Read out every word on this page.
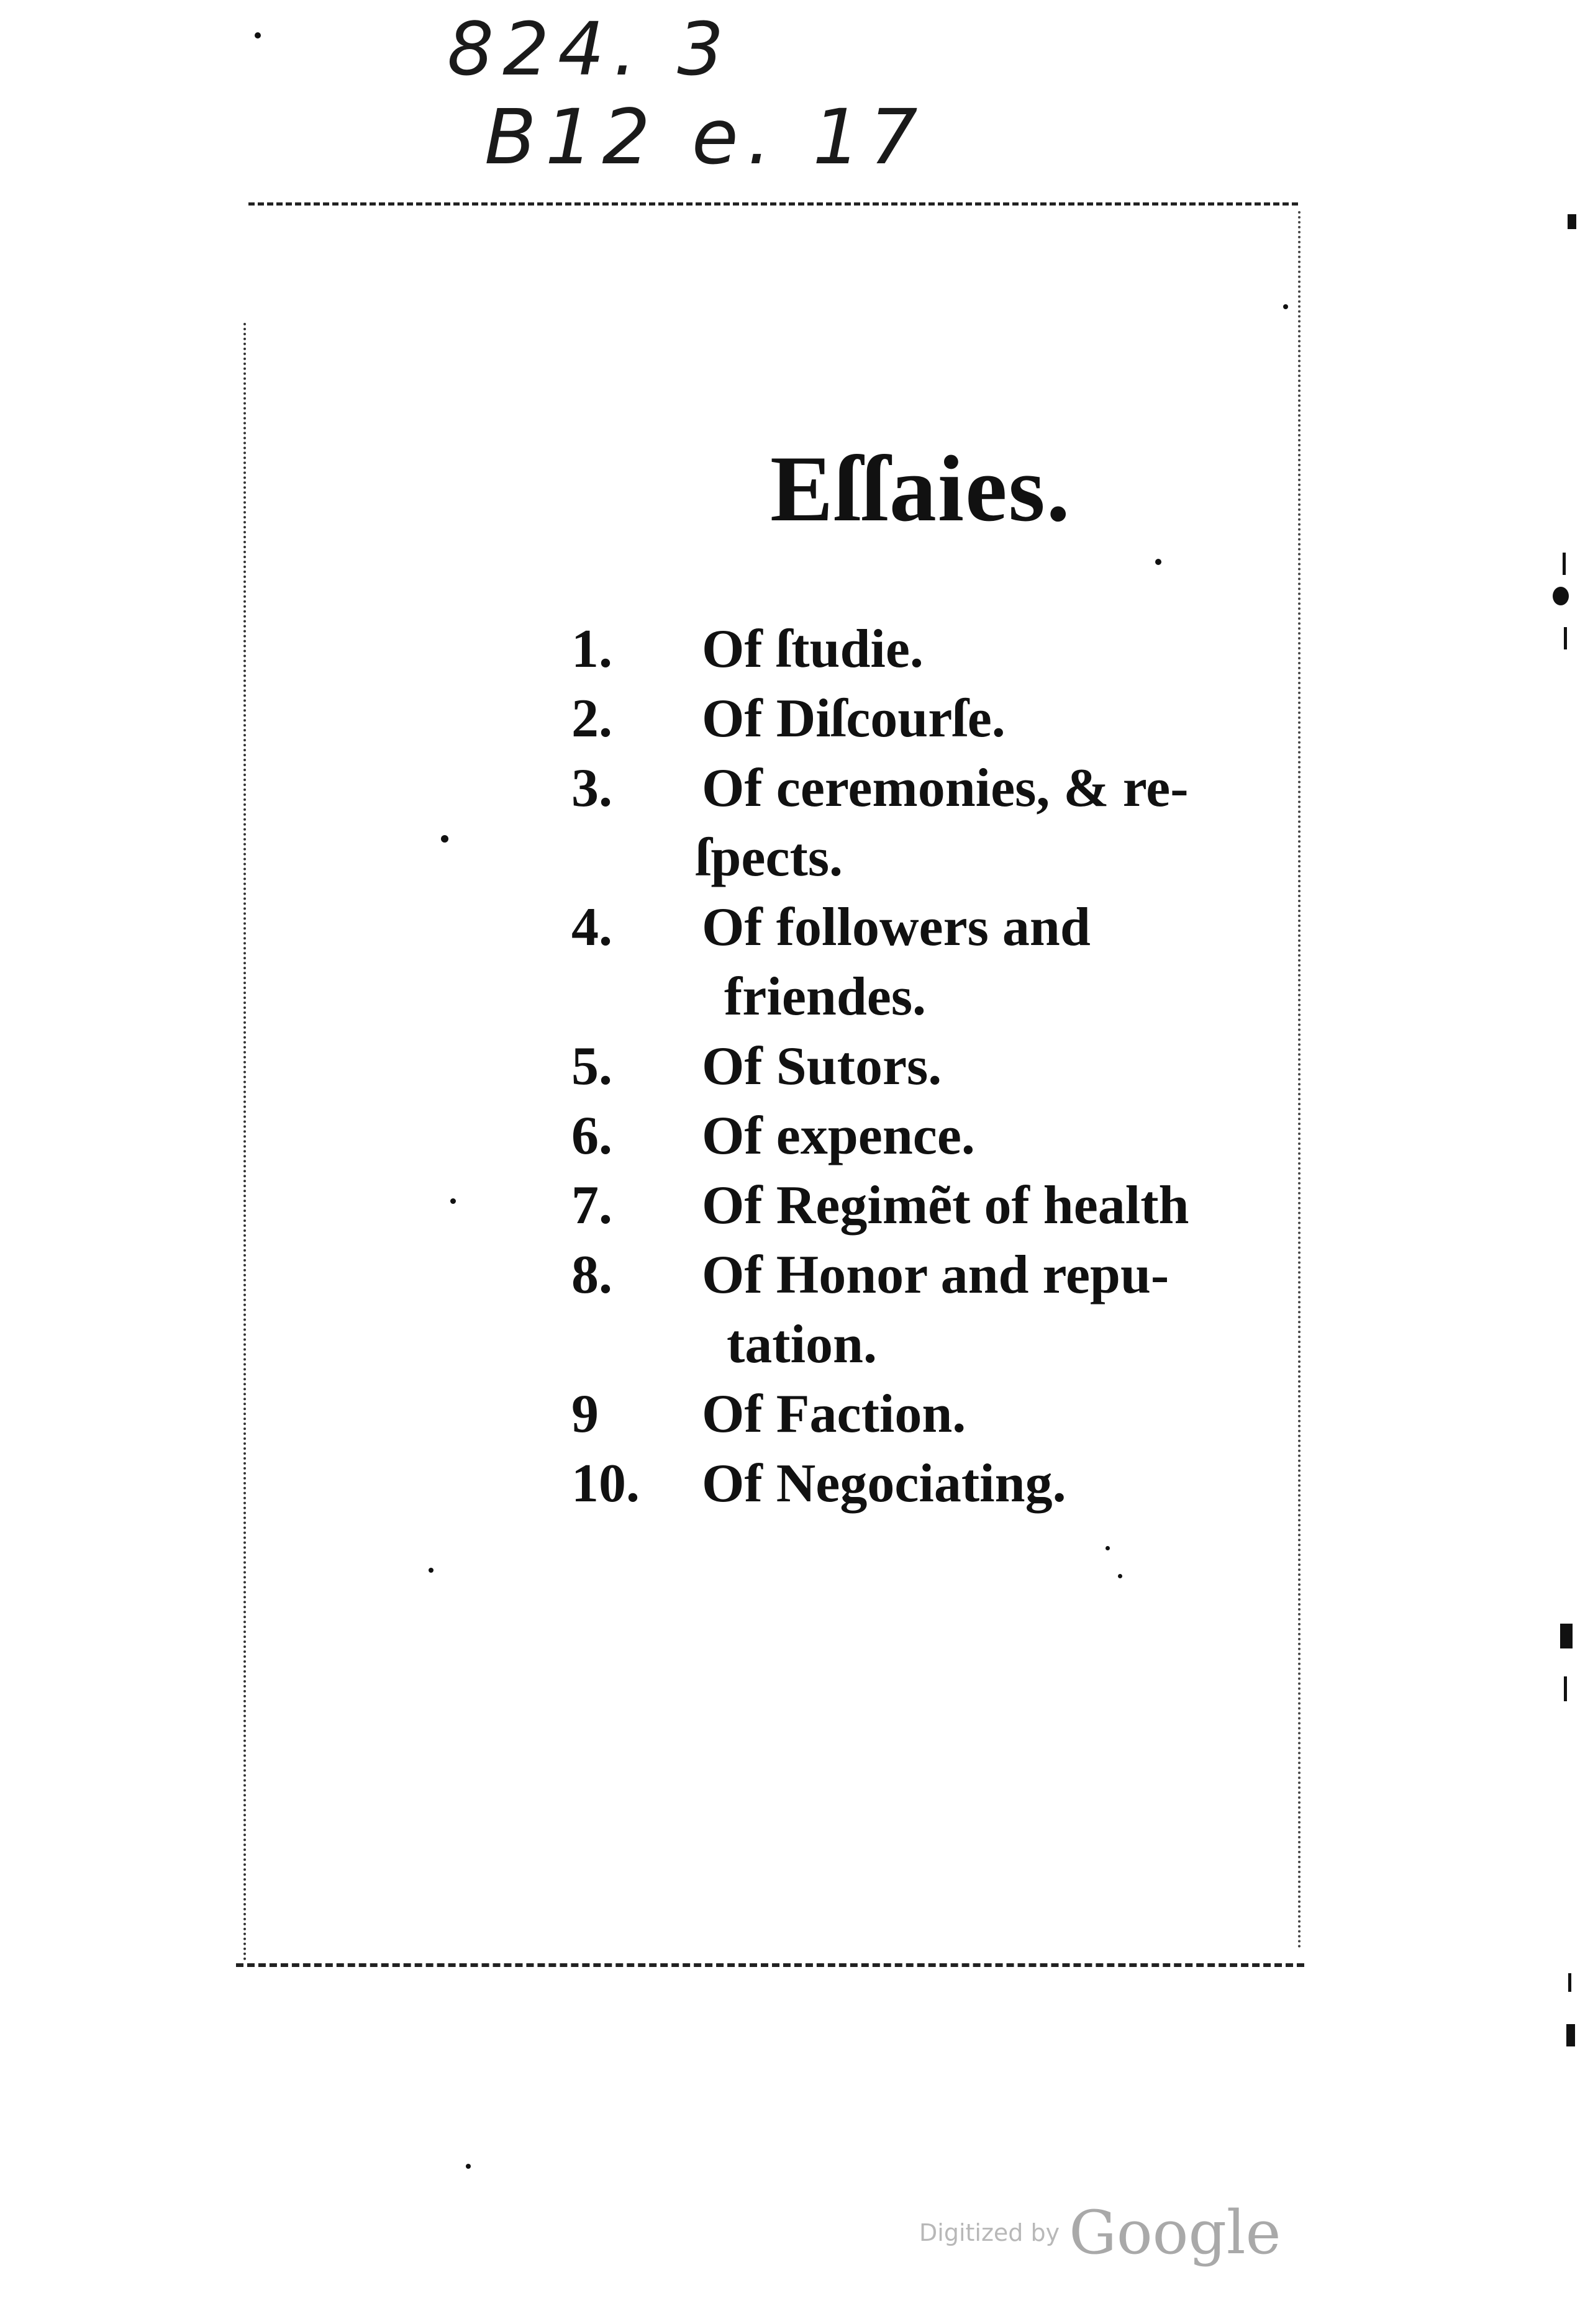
824. 3
B12 e. 17
Eſſaies.
1.	Of ſtudie.
2.	Of Diſcourſe.
3.	Of ceremonies, & re-
ſpects.
4.	Of followers and
friendes.
5.	Of Sutors.
6.	Of expence.
7.	Of Regimẽt of health
8.	Of Honor and repu-
tation.
9	Of Faction.
10.	Of Negociating.
Digitized by Google
